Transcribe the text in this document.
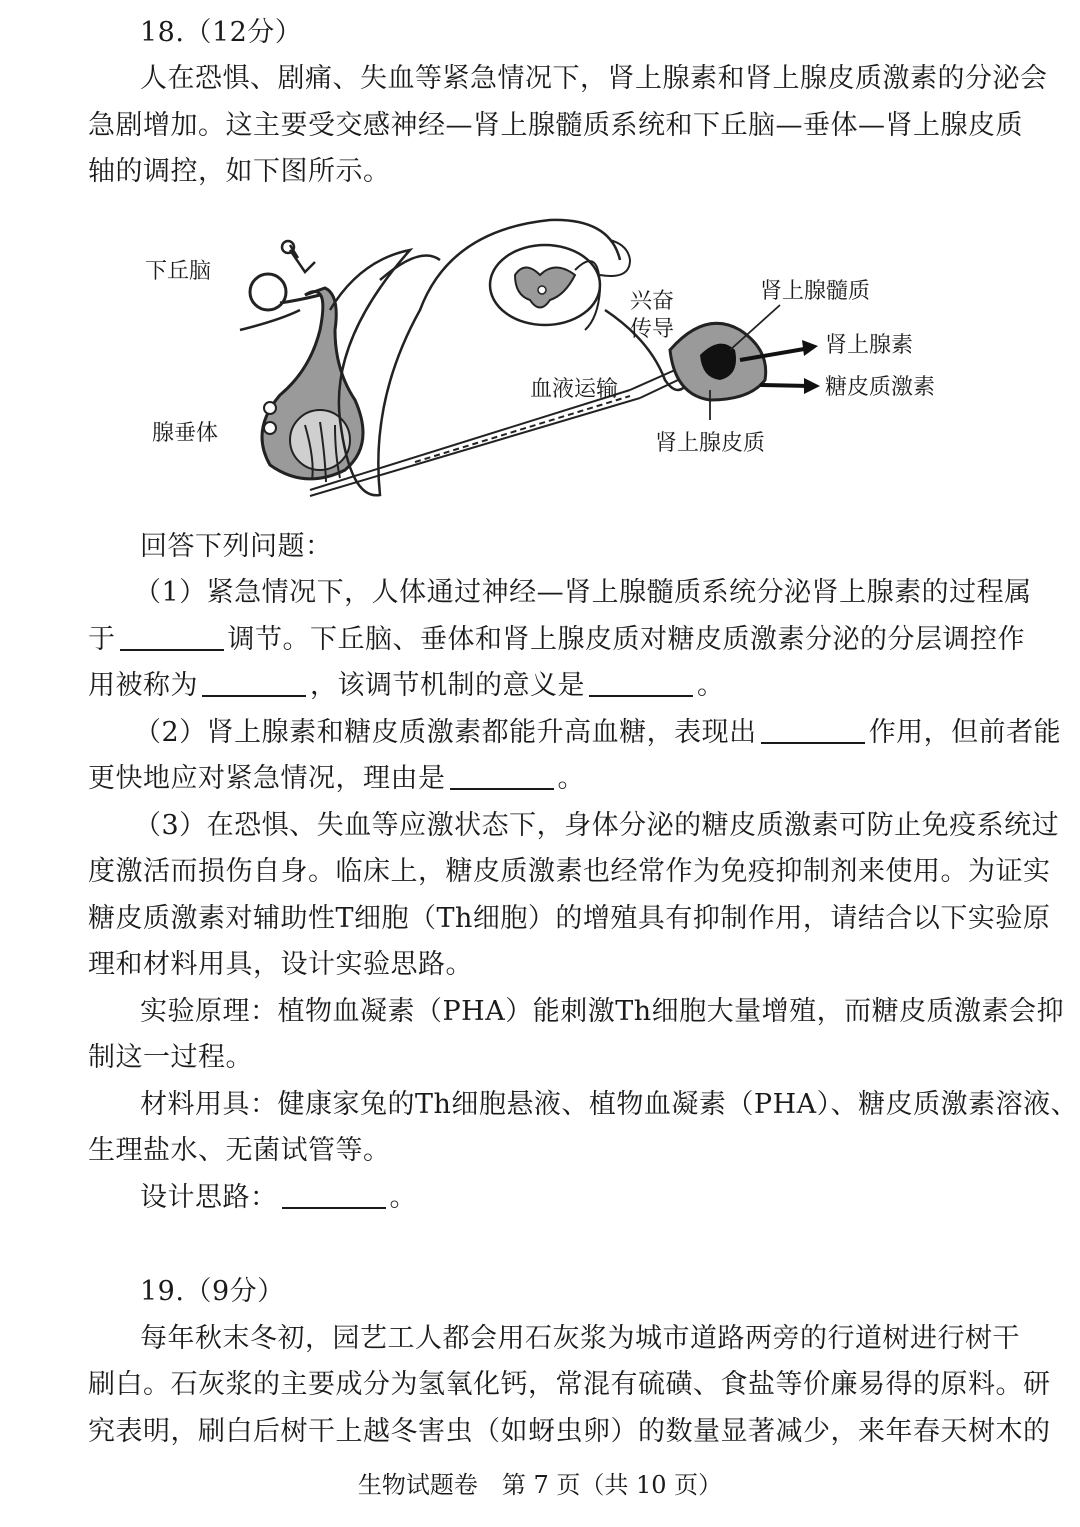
18.（12分）
人在恐惧、剧痛、失血等紧急情况下，肾上腺素和肾上腺皮质激素的分泌会
急剧增加。这主要受交感神经—肾上腺髓质系统和下丘脑—垂体—肾上腺皮质
轴的调控，如下图所示。
下丘脑
腺垂体
兴奋
传导
血液运输
肾上腺髓质
肾上腺素
糖皮质激素
肾上腺皮质
回答下列问题：
（1）紧急情况下，人体通过神经—肾上腺髓质系统分泌肾上腺素的过程属
于	调节。下丘脑、垂体和肾上腺皮质对糖皮质激素分泌的分层调控作
用被称为	，该调节机制的意义是	。
（2）肾上腺素和糖皮质激素都能升高血糖，表现出	作用，但前者能
更快地应对紧急情况，理由是	。
（3）在恐惧、失血等应激状态下，身体分泌的糖皮质激素可防止免疫系统过
度激活而损伤自身。临床上，糖皮质激素也经常作为免疫抑制剂来使用。为证实
糖皮质激素对辅助性T细胞（Th细胞）的增殖具有抑制作用，请结合以下实验原
理和材料用具，设计实验思路。
实验原理：植物血凝素（PHA）能刺激Th细胞大量增殖，而糖皮质激素会抑
制这一过程。
材料用具：健康家兔的Th细胞悬液、植物血凝素（PHA）、糖皮质激素溶液、
生理盐水、无菌试管等。
设计思路：	。
19.（9分）
每年秋末冬初，园艺工人都会用石灰浆为城市道路两旁的行道树进行树干
刷白。石灰浆的主要成分为氢氧化钙，常混有硫磺、食盐等价廉易得的原料。研
究表明，刷白后树干上越冬害虫（如蚜虫卵）的数量显著减少，来年春天树木的
生物试题卷　第 7 页（共 10 页）
